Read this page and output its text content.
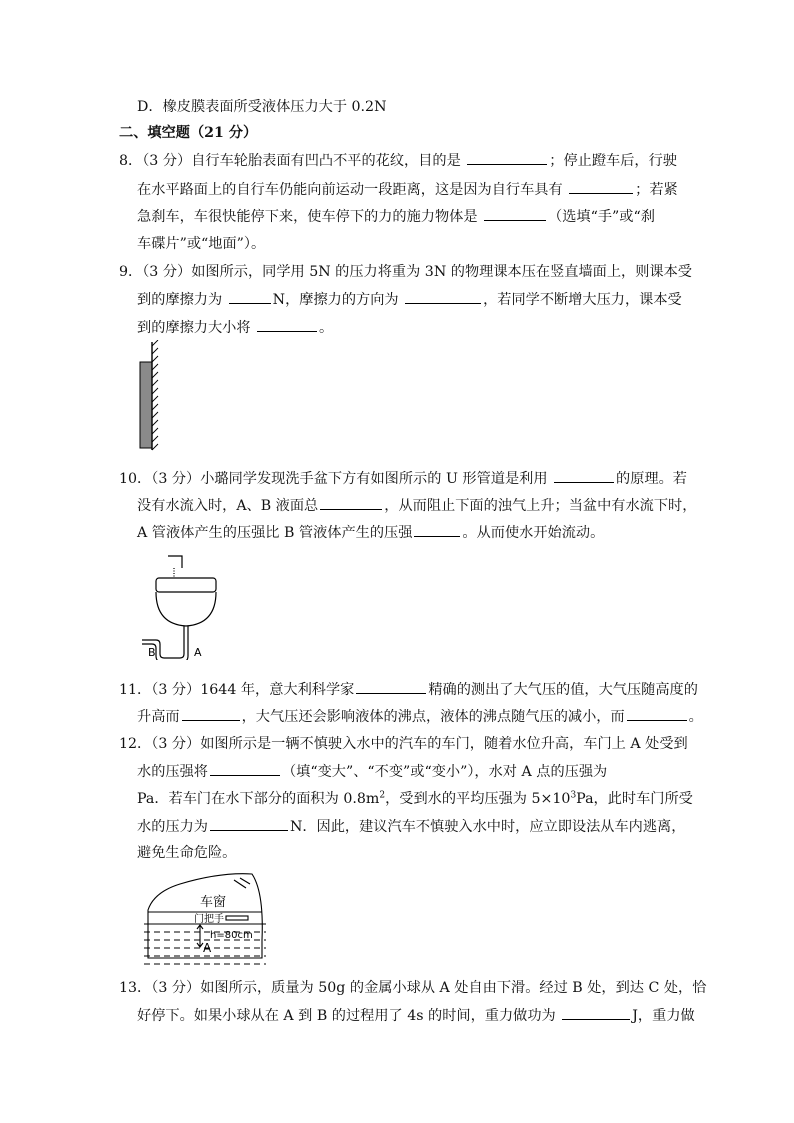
D．橡皮膜表面所受液体压力大于 0.2N
二、填空题（21 分）
8．（3 分）自行车轮胎表面有凹凸不平的花纹，目的是	；停止蹬车后，行驶
在水平路面上的自行车仍能向前运动一段距离，这是因为自行车具有	；若紧
急刹车，车很快能停下来，使车停下的力的施力物体是	（选填“手”或“刹
车碟片”或“地面”）。
9．（3 分）如图所示，同学用 5N 的压力将重为 3N 的物理课本压在竖直墙面上，则课本受
到的摩擦力为	N，摩擦力的方向为	，若同学不断增大压力，课本受
到的摩擦力大小将	。
10．（3 分）小璐同学发现洗手盆下方有如图所示的 U 形管道是利用	的原理。若
没有水流入时，A、B 液面总	，从而阻止下面的浊气上升；当盆中有水流下时，
A 管液体产生的压强比 B 管液体产生的压强	。从而使水开始流动。
B	A
11．（3 分）1644 年，意大利科学家	精确的测出了大气压的值，大气压随高度的
升高而	，大气压还会影响液体的沸点，液体的沸点随气压的减小，而	。
12．（3 分）如图所示是一辆不慎驶入水中的汽车的车门，随着水位升高，车门上 A 处受到
水的压强将	（填“变大”、“不变”或“变小”），水对 A 点的压强为
Pa．若车门在水下部分的面积为 $0.8m^2$，受到水的平均压强为 $5\times 10^3Pa$，此时车门所受
水的压力为	N．因此，建议汽车不慎驶入水中时，应立即设法从车内逃离，
避免生命危险。
车窗
门把手
h=80cm
A
13．（3 分）如图所示，质量为 50g 的金属小球从 A 处自由下滑。经过 B 处，到达 C 处，恰
好停下。如果小球从在 A 到 B 的过程用了 4s 的时间，重力做功为	J，重力做
